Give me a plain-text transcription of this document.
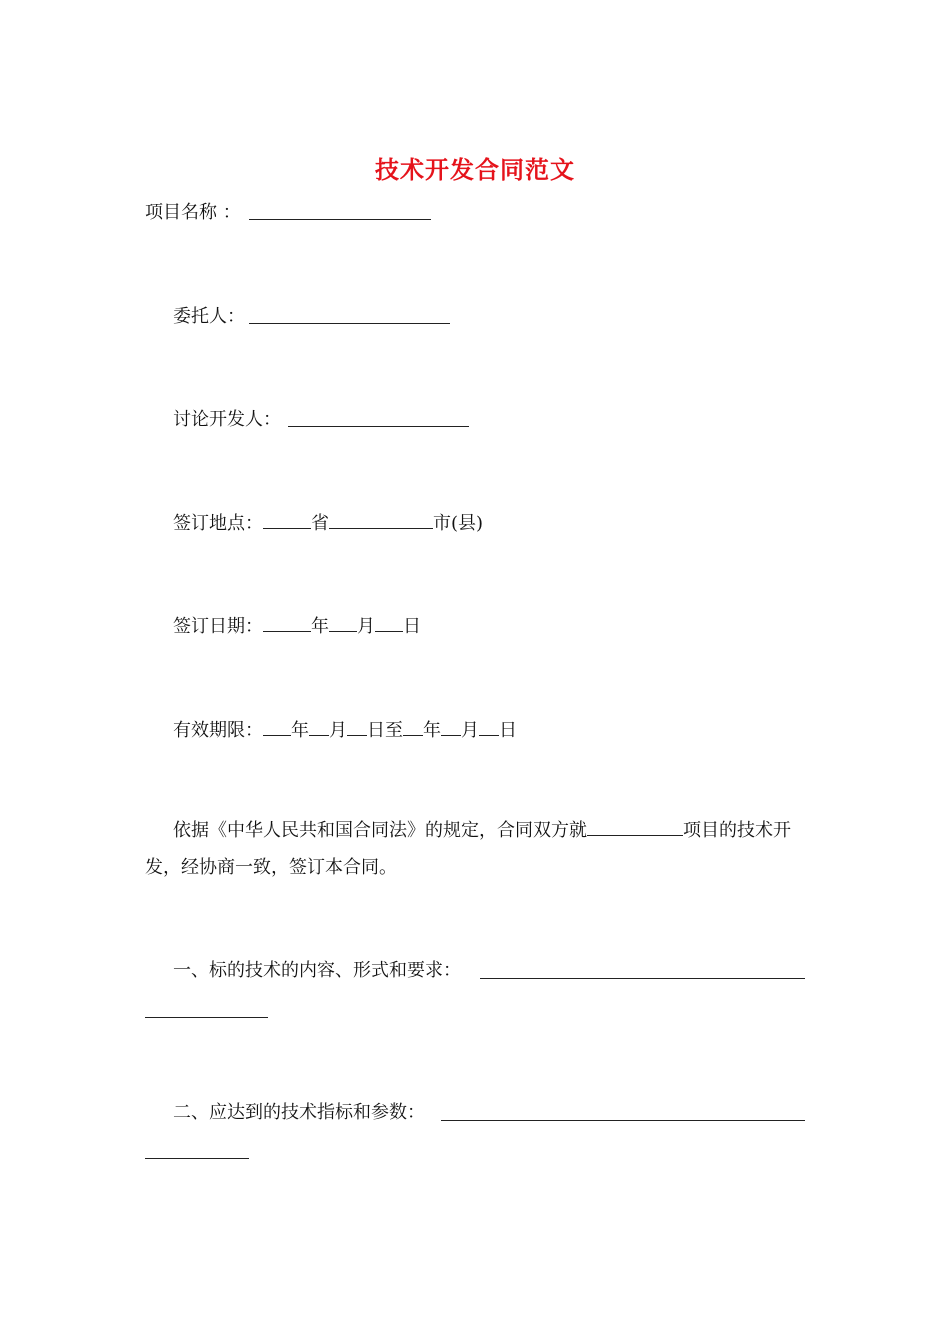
技术开发合同范文
项目名称 ：
委托人：
讨论开发人：
签订地点：	省	市(县)
签订日期：	年 月 日
有效期限： 年 月 日至 年 月 日
依据《中华人民共和国合同法》的规定，合同双方就	项目的技术开发，经协商一致，签订本合同。
一、标的技术的内容、形式和要求：
二、应达到的技术指标和参数：
